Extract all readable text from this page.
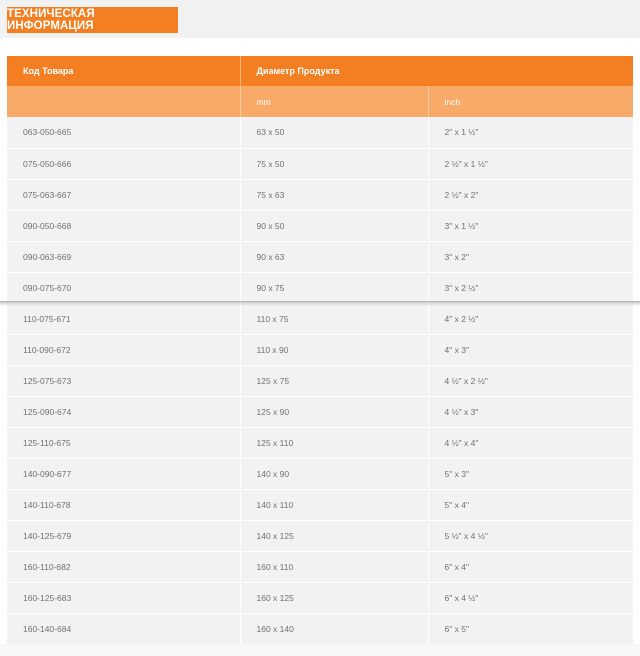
ТЕХНИЧЕСКАЯ ИНФОРМАЦИЯ
Код Товара	Диаметр Продукта	
	mm	inch
063-050-665	63 x 50	2" x 1 ½"
075-050-666	75 x 50	2 ½" x 1 ½"
075-063-667	75 x 63	2 ½" x 2"
090-050-668	90 x 50	3" x 1 ½"
090-063-669	90 x 63	3" x 2"
090-075-670	90 x 75	3" x 2 ½"
110-075-671	110 x 75	4" x 2 ½"
110-090-672	110 x 90	4" x 3"
125-075-673	125 x 75	4 ½" x 2 ½"
125-090-674	125 x 90	4 ½" x 3"
125-110-675	125 x 110	4 ½" x 4"
140-090-677	140 x 90	5" x 3"
140-110-678	140 x 110	5" x 4"
140-125-679	140 x 125	5 ½" x 4 ½"
160-110-682	160 x 110	6" x 4"
160-125-683	160 x 125	6" x 4 ½"
160-140-684	160 x 140	6" x 5"
